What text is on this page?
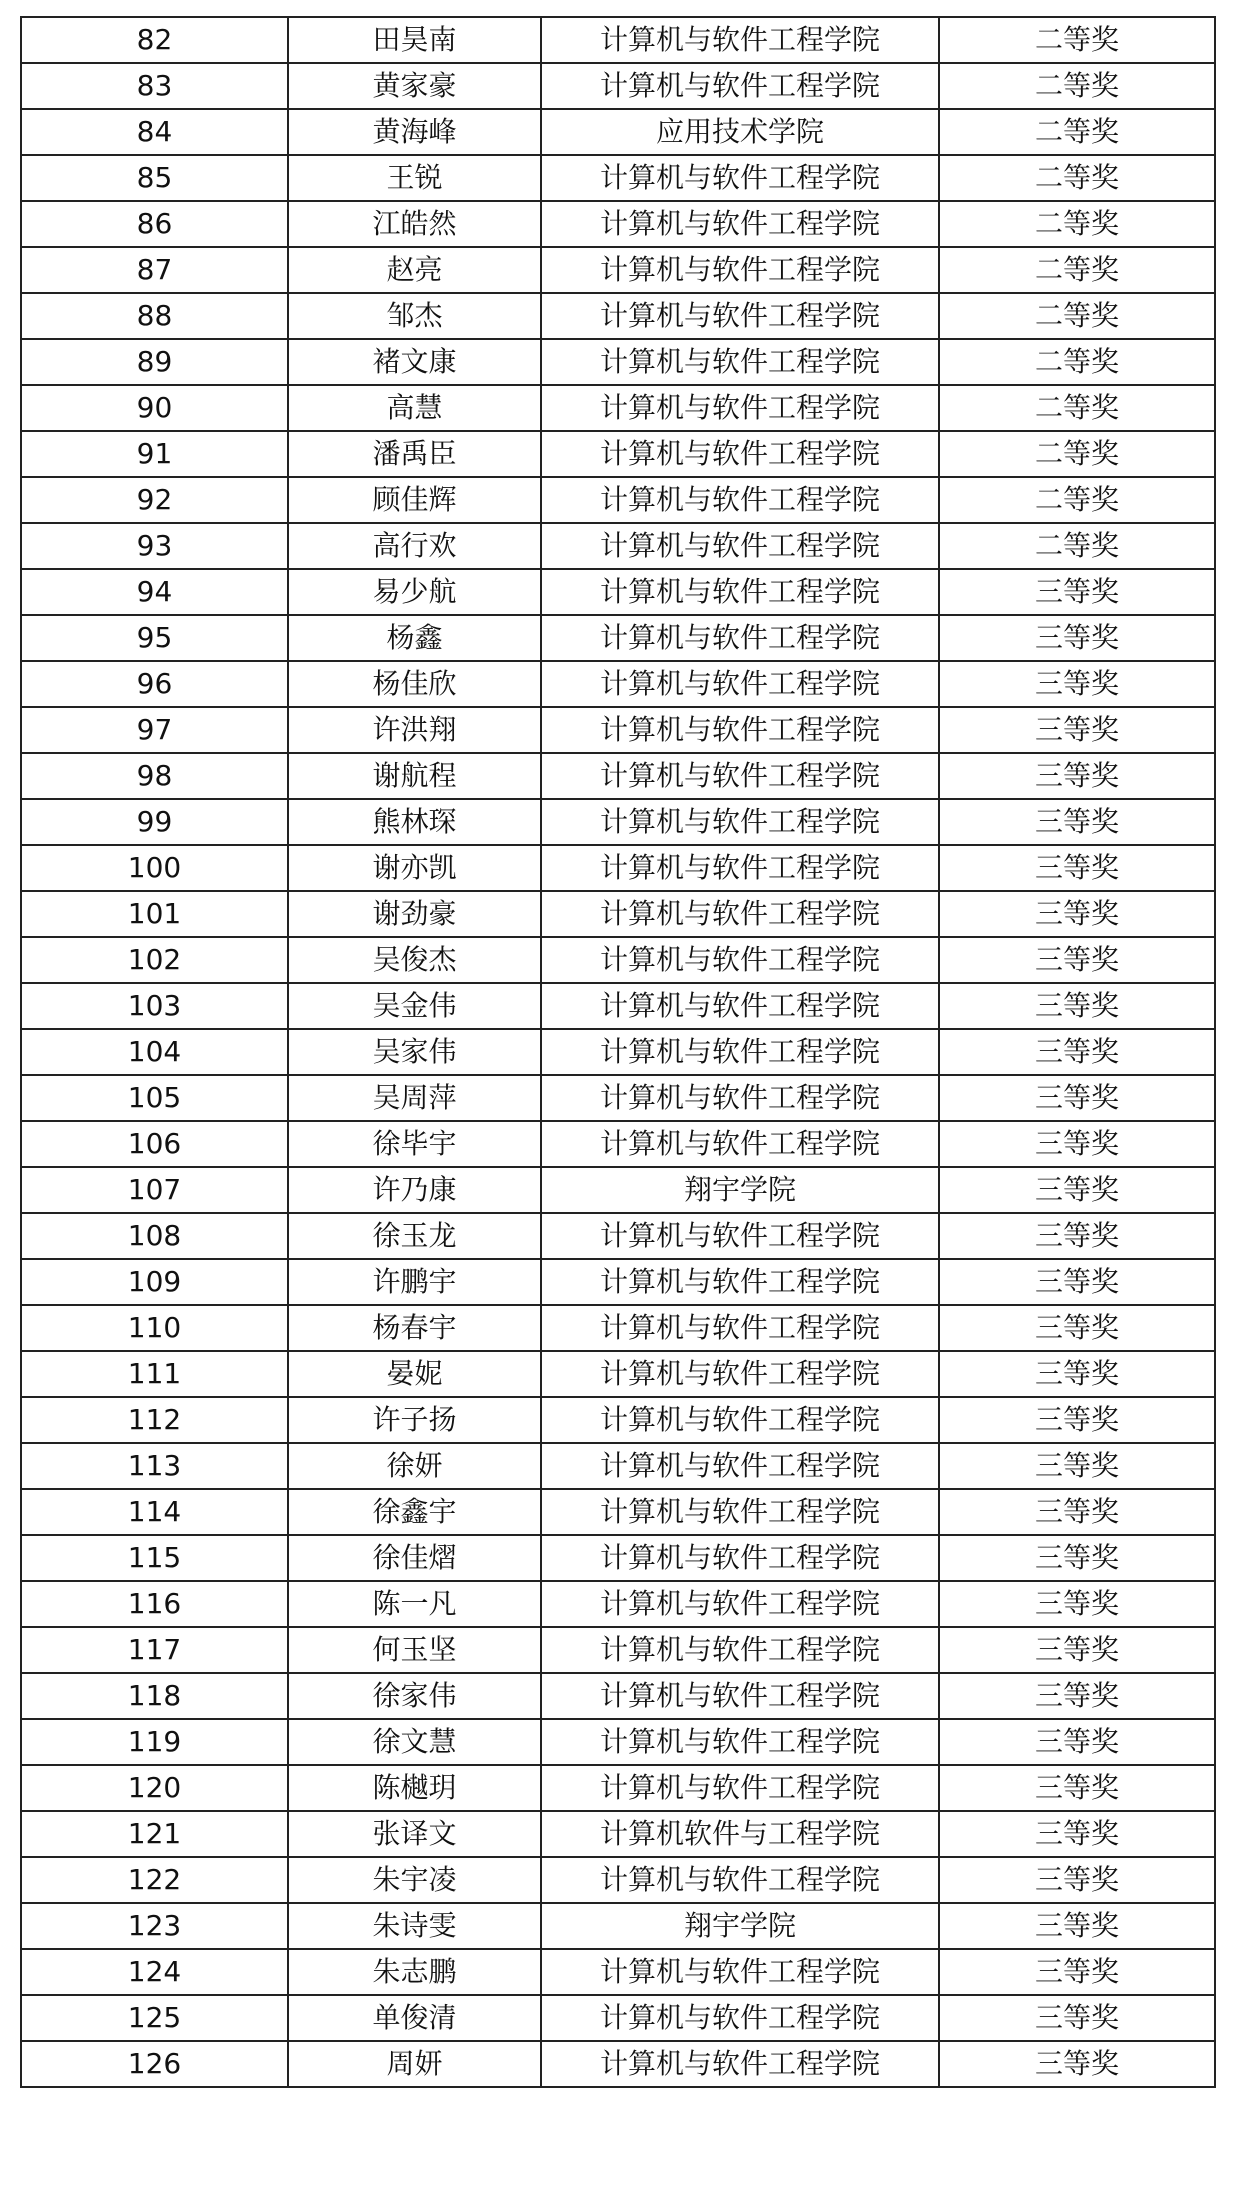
82	田昊南	计算机与软件工程学院	二等奖
83	黄家豪	计算机与软件工程学院	二等奖
84	黄海峰	应用技术学院	二等奖
85	王锐	计算机与软件工程学院	二等奖
86	江皓然	计算机与软件工程学院	二等奖
87	赵亮	计算机与软件工程学院	二等奖
88	邹杰	计算机与软件工程学院	二等奖
89	褚文康	计算机与软件工程学院	二等奖
90	高慧	计算机与软件工程学院	二等奖
91	潘禹臣	计算机与软件工程学院	二等奖
92	顾佳辉	计算机与软件工程学院	二等奖
93	高行欢	计算机与软件工程学院	二等奖
94	易少航	计算机与软件工程学院	三等奖
95	杨鑫	计算机与软件工程学院	三等奖
96	杨佳欣	计算机与软件工程学院	三等奖
97	许洪翔	计算机与软件工程学院	三等奖
98	谢航程	计算机与软件工程学院	三等奖
99	熊林琛	计算机与软件工程学院	三等奖
100	谢亦凯	计算机与软件工程学院	三等奖
101	谢劲豪	计算机与软件工程学院	三等奖
102	吴俊杰	计算机与软件工程学院	三等奖
103	吴金伟	计算机与软件工程学院	三等奖
104	吴家伟	计算机与软件工程学院	三等奖
105	吴周萍	计算机与软件工程学院	三等奖
106	徐毕宇	计算机与软件工程学院	三等奖
107	许乃康	翔宇学院	三等奖
108	徐玉龙	计算机与软件工程学院	三等奖
109	许鹏宇	计算机与软件工程学院	三等奖
110	杨春宇	计算机与软件工程学院	三等奖
111	晏妮	计算机与软件工程学院	三等奖
112	许子扬	计算机与软件工程学院	三等奖
113	徐妍	计算机与软件工程学院	三等奖
114	徐鑫宇	计算机与软件工程学院	三等奖
115	徐佳熠	计算机与软件工程学院	三等奖
116	陈一凡	计算机与软件工程学院	三等奖
117	何玉坚	计算机与软件工程学院	三等奖
118	徐家伟	计算机与软件工程学院	三等奖
119	徐文慧	计算机与软件工程学院	三等奖
120	陈樾玥	计算机与软件工程学院	三等奖
121	张译文	计算机软件与工程学院	三等奖
122	朱宇凌	计算机与软件工程学院	三等奖
123	朱诗雯	翔宇学院	三等奖
124	朱志鹏	计算机与软件工程学院	三等奖
125	单俊清	计算机与软件工程学院	三等奖
126	周妍	计算机与软件工程学院	三等奖
